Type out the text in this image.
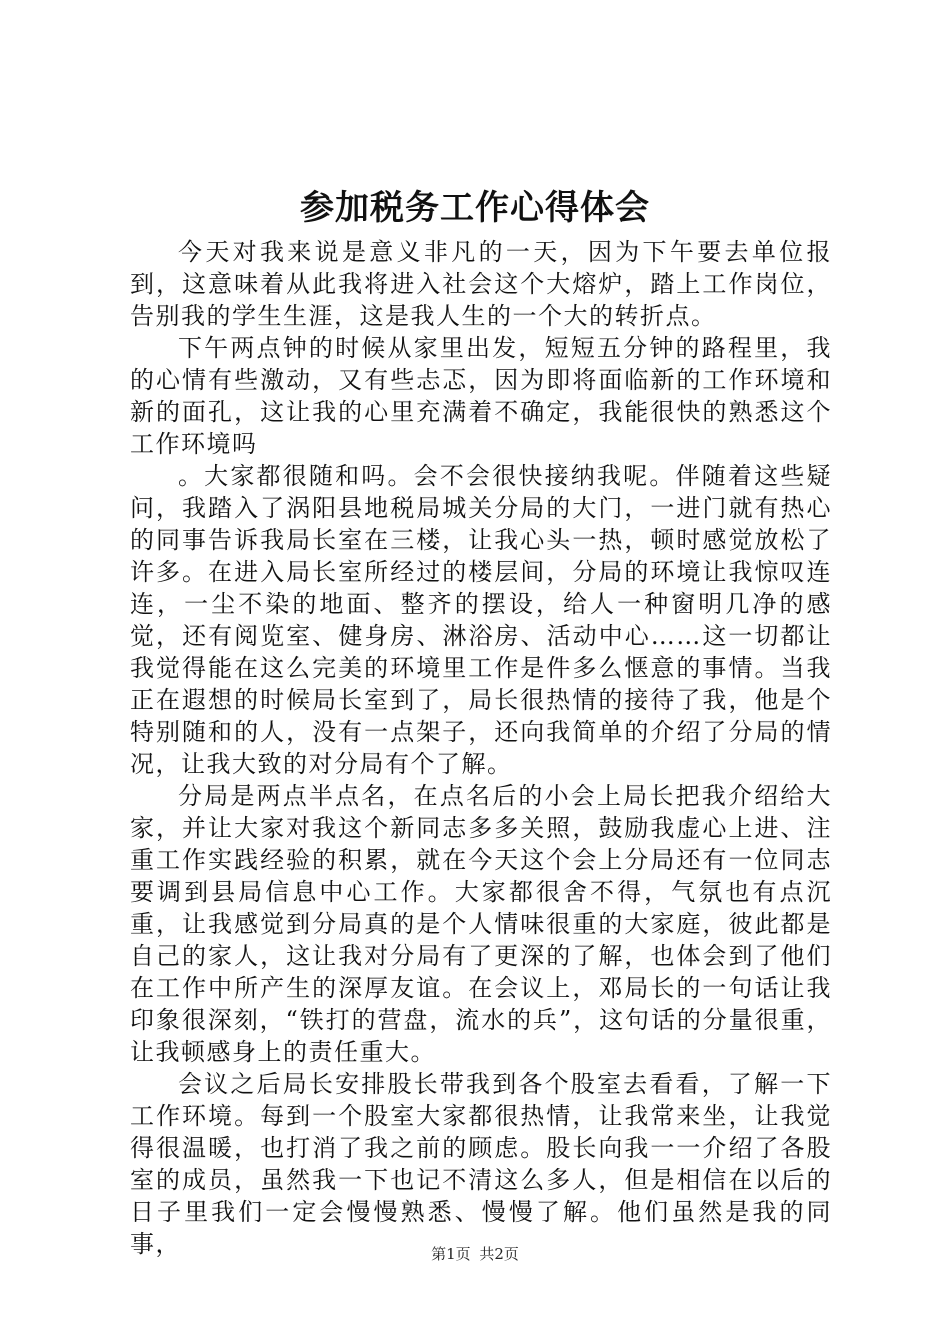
参加税务工作心得体会

今天对我来说是意义非凡的一天，因为下午要去单位报到，这意味着从此我将进入社会这个大熔炉，踏上工作岗位，告别我的学生生涯，这是我人生的一个大的转折点。

下午两点钟的时候从家里出发，短短五分钟的路程里，我的心情有些激动，又有些忐忑，因为即将面临新的工作环境和新的面孔，这让我的心里充满着不确定，我能很快的熟悉这个工作环境吗

。大家都很随和吗。会不会很快接纳我呢。伴随着这些疑问，我踏入了涡阳县地税局城关分局的大门，一进门就有热心的同事告诉我局长室在三楼，让我心头一热，顿时感觉放松了许多。在进入局长室所经过的楼层间，分局的环境让我惊叹连连，一尘不染的地面、整齐的摆设，给人一种窗明几净的感觉，还有阅览室、健身房、淋浴房、活动中心……这一切都让我觉得能在这么完美的环境里工作是件多么惬意的事情。当我正在遐想的时候局长室到了，局长很热情的接待了我，他是个特别随和的人，没有一点架子，还向我简单的介绍了分局的情况，让我大致的对分局有个了解。

分局是两点半点名，在点名后的小会上局长把我介绍给大家，并让大家对我这个新同志多多关照，鼓励我虚心上进、注重工作实践经验的积累，就在今天这个会上分局还有一位同志要调到县局信息中心工作。大家都很舍不得，气氛也有点沉重，让我感觉到分局真的是个人情味很重的大家庭，彼此都是自己的家人，这让我对分局有了更深的了解，也体会到了他们在工作中所产生的深厚友谊。在会议上，邓局长的一句话让我印象很深刻，“铁打的营盘，流水的兵”，这句话的分量很重，让我顿感身上的责任重大。

会议之后局长安排股长带我到各个股室去看看，了解一下工作环境。每到一个股室大家都很热情，让我常来坐，让我觉得很温暖，也打消了我之前的顾虑。股长向我一一介绍了各股室的成员，虽然我一下也记不清这么多人，但是相信在以后的日子里我们一定会慢慢熟悉、慢慢了解。他们虽然是我的同事，	第1页 共2页
